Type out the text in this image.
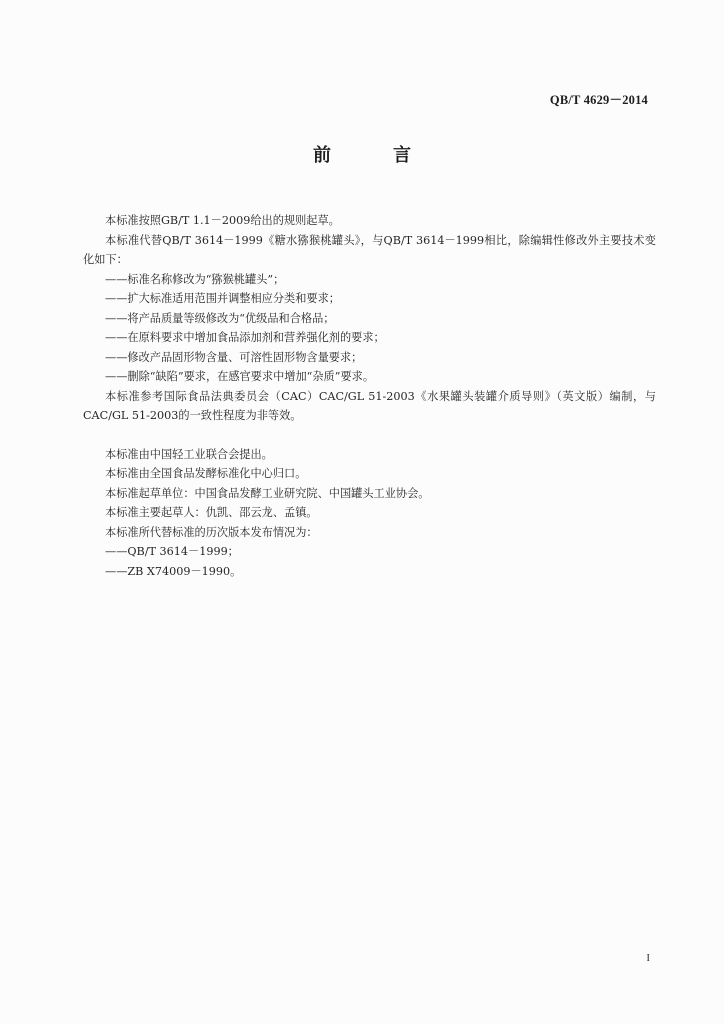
QB/T 4629－2014
前　言

本标准按照GB/T 1.1－2009给出的规则起草。

本标准代替QB/T 3614－1999《糖水猕猴桃罐头》，与QB/T 3614－1999相比，除编辑性修改外主要技术变化如下：

——标准名称修改为“猕猴桃罐头”；

——扩大标准适用范围并调整相应分类和要求；

——将产品质量等级修改为“优级品和合格品；

——在原料要求中增加食品添加剂和营养强化剂的要求；

——修改产品固形物含量、可溶性固形物含量要求；

——删除“缺陷”要求，在感官要求中增加“杂质”要求。

本标准参考国际食品法典委员会（CAC）CAC/GL 51-2003《水果罐头装罐介质导则》（英文版）编制，与CAC/GL 51-2003的一致性程度为非等效。

本标准由中国轻工业联合会提出。

本标准由全国食品发酵标准化中心归口。

本标准起草单位：中国食品发酵工业研究院、中国罐头工业协会。

本标准主要起草人：仇凯、邵云龙、孟镇。

本标准所代替标准的历次版本发布情况为：

——QB/T 3614－1999；

——ZB X74009－1990。

I
